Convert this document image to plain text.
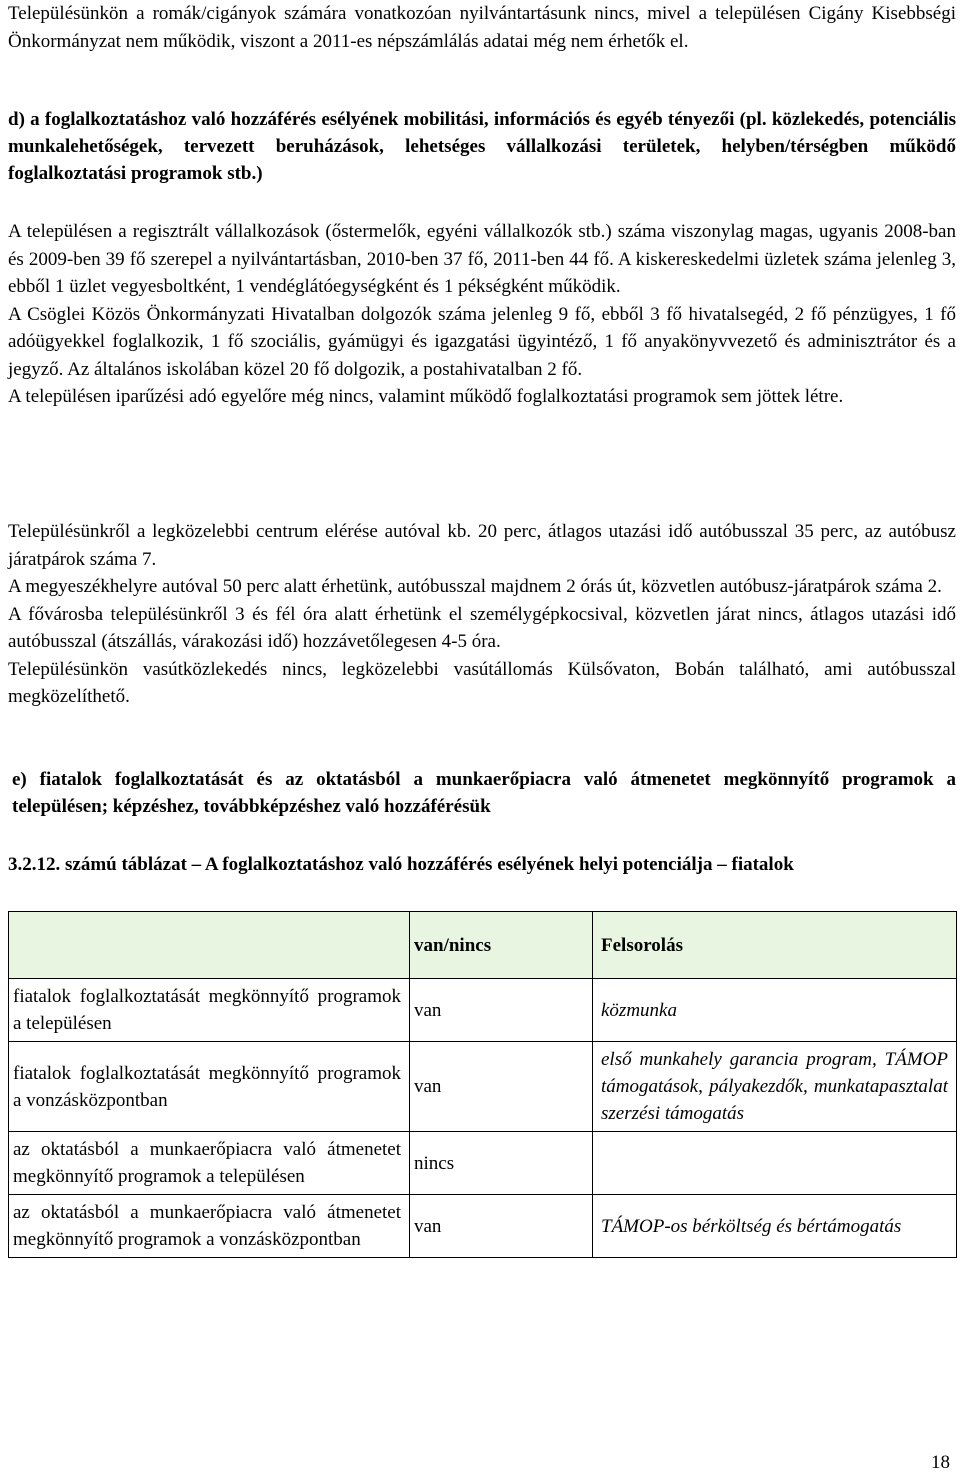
Településünkön a romák/cigányok számára vonatkozóan nyilvántartásunk nincs, mivel a településen Cigány Kisebbségi Önkormányzat nem működik, viszont a 2011-es népszámlálás adatai még nem érhetők el.

d) a foglalkoztatáshoz való hozzáférés esélyének mobilitási, információs és egyéb tényezői (pl. közlekedés, potenciális munkalehetőségek, tervezett beruházások, lehetséges vállalkozási területek, helyben/térségben működő foglalkoztatási programok stb.)

A településen a regisztrált vállalkozások (őstermelők, egyéni vállalkozók stb.) száma viszonylag magas, ugyanis 2008-ban és 2009-ben 39 fő szerepel a nyilvántartásban, 2010-ben 37 fő, 2011-ben 44 fő. A kiskereskedelmi üzletek száma jelenleg 3, ebből 1 üzlet vegyesboltként, 1 vendéglátóegységként és 1 pékségként működik.

A Csöglei Közös Önkormányzati Hivatalban dolgozók száma jelenleg 9 fő, ebből 3 fő hivatalsegéd, 2 fő pénzügyes, 1 fő adóügyekkel foglalkozik, 1 fő szociális, gyámügyi és igazgatási ügyintéző, 1 fő anyakönyvvezető és adminisztrátor és a jegyző. Az általános iskolában közel 20 fő dolgozik, a postahivatalban 2 fő.

A településen iparűzési adó egyelőre még nincs, valamint működő foglalkoztatási programok sem jöttek létre.

Településünkről a legközelebbi centrum elérése autóval kb. 20 perc, átlagos utazási idő autóbusszal 35 perc, az autóbusz járatpárok száma 7.

A megyeszékhelyre autóval 50 perc alatt érhetünk, autóbusszal majdnem 2 órás út, közvetlen autóbusz-járatpárok száma 2.

A fővárosba településünkről 3 és fél óra alatt érhetünk el személygépkocsival, közvetlen járat nincs, átlagos utazási idő autóbusszal (átszállás, várakozási idő) hozzávetőlegesen 4-5 óra.

Településünkön vasútközlekedés nincs, legközelebbi vasútállomás Külsővaton, Bobán található, ami autóbusszal megközelíthető.

e) fiatalok foglalkoztatását és az oktatásból a munkaerőpiacra való átmenetet megkönnyítő programok a településen; képzéshez, továbbképzéshez való hozzáférésük

3.2.12. számú táblázat – A foglalkoztatáshoz való hozzáférés esélyének helyi potenciálja – fiatalok

	van/nincs	Felsorolás
fiatalok foglalkoztatását megkönnyítő programok a településen	van	közmunka
fiatalok foglalkoztatását megkönnyítő programok a vonzásközpontban	van	első munkahely garancia program, TÁMOP támogatások, pályakezdők, munkatapasztalat szerzési támogatás
az oktatásból a munkaerőpiacra való átmenetet megkönnyítő programok a településen	nincs	
az oktatásból a munkaerőpiacra való átmenetet megkönnyítő programok a vonzásközpontban	van	TÁMOP-os bérköltség és bértámogatás
18
